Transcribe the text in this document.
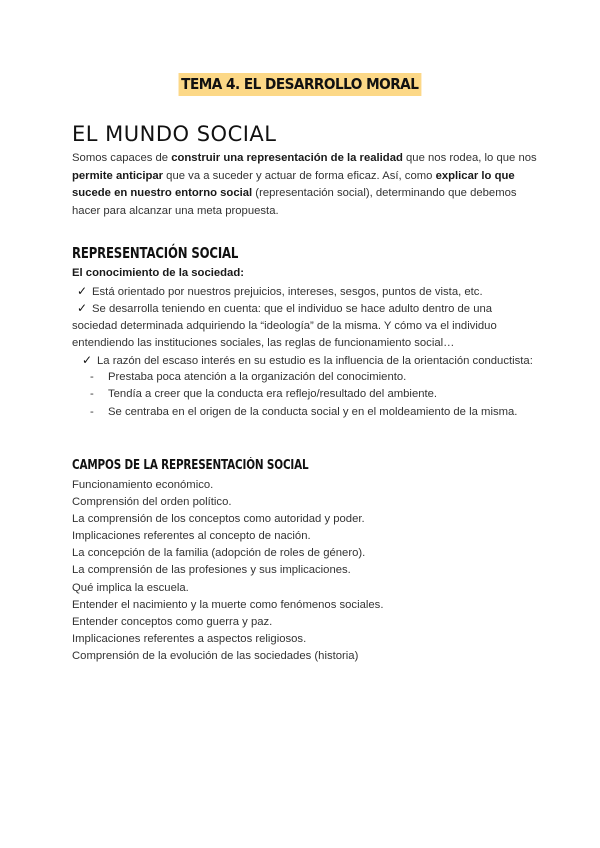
TEMA 4. EL DESARROLLO MORAL
EL MUNDO SOCIAL

Somos capaces de construir una representación de la realidad que nos rodea, lo que nos permite anticipar que va a suceder y actuar de forma eficaz. Así, como explicar lo que sucede en nuestro entorno social (representación social), determinando que debemos hacer para alcanzar una meta propuesta.

REPRESENTACIÓN SOCIAL

El conocimiento de la sociedad:

✓ Está orientado por nuestros prejuicios, intereses, sesgos, puntos de vista, etc.

✓ Se desarrolla teniendo en cuenta: que el individuo se hace adulto dentro de una

sociedad determinada adquiriendo la “ideología” de la misma. Y cómo va el individuo entendiendo las instituciones sociales, las reglas de funcionamiento social…

✓ La razón del escaso interés en su estudio es la influencia de la orientación conductista:

- Prestaba poca atención a la organización del conocimiento.
- Tendía a creer que la conducta era reflejo/resultado del ambiente.
- Se centraba en el origen de la conducta social y en el moldeamiento de la misma.
CAMPOS DE LA REPRESENTACIÓN SOCIAL
Funcionamiento económico.
Comprensión del orden político.
La comprensión de los conceptos como autoridad y poder.
Implicaciones referentes al concepto de nación.
La concepción de la familia (adopción de roles de género).
La comprensión de las profesiones y sus implicaciones.
Qué implica la escuela.
Entender el nacimiento y la muerte como fenómenos sociales.
Entender conceptos como guerra y paz.
Implicaciones referentes a aspectos religiosos.
Comprensión de la evolución de las sociedades (historia)
